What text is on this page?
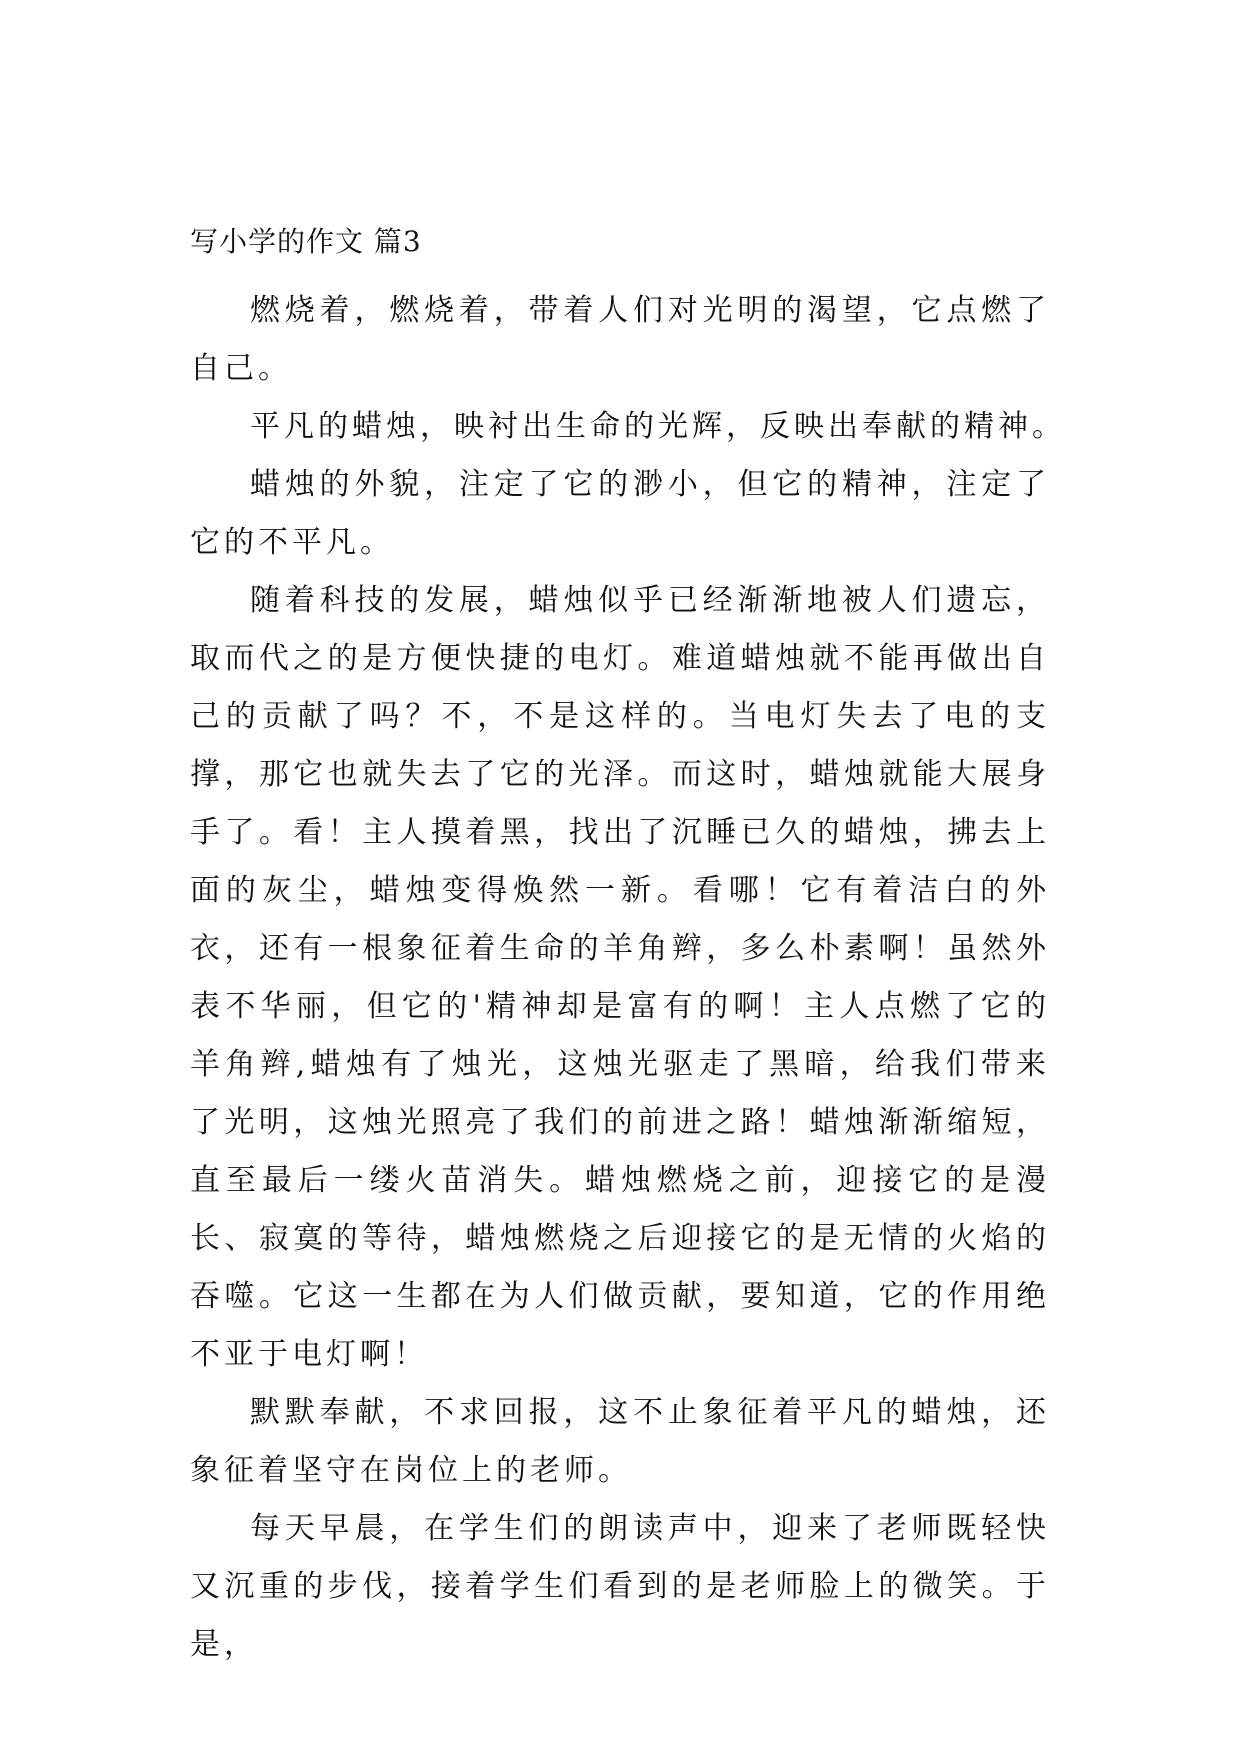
写小学的作文 篇3

燃烧着，燃烧着，带着人们对光明的渴望，它点燃了自己。

平凡的蜡烛，映衬出生命的光辉，反映出奉献的精神。

蜡烛的外貌，注定了它的渺小，但它的精神，注定了它的不平凡。

随着科技的发展，蜡烛似乎已经渐渐地被人们遗忘，取而代之的是方便快捷的电灯。难道蜡烛就不能再做出自己的贡献了吗？不，不是这样的。当电灯失去了电的支撑，那它也就失去了它的光泽。而这时，蜡烛就能大展身手了。看！主人摸着黑，找出了沉睡已久的蜡烛，拂去上面的灰尘，蜡烛变得焕然一新。看哪！它有着洁白的外衣，还有一根象征着生命的羊角辫，多么朴素啊！虽然外表不华丽，但它的'精神却是富有的啊！主人点燃了它的羊角辫,蜡烛有了烛光，这烛光驱走了黑暗，给我们带来了光明，这烛光照亮了我们的前进之路！蜡烛渐渐缩短，直至最后一缕火苗消失。蜡烛燃烧之前，迎接它的是漫长、寂寞的等待，蜡烛燃烧之后迎接它的是无情的火焰的吞噬。它这一生都在为人们做贡献，要知道，它的作用绝不亚于电灯啊！

默默奉献，不求回报，这不止象征着平凡的蜡烛，还象征着坚守在岗位上的老师。

每天早晨，在学生们的朗读声中，迎来了老师既轻快又沉重的步伐，接着学生们看到的是老师脸上的微笑。于是，
